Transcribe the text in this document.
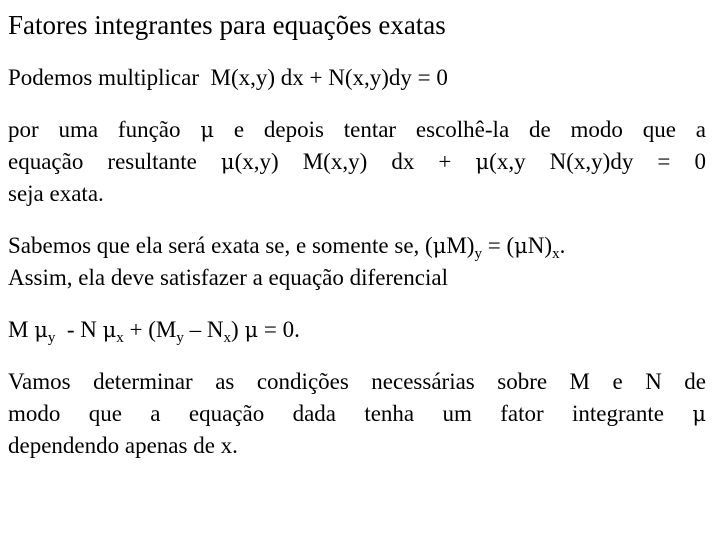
Fatores integrantes para equações exatas
Podemos multiplicar  M(x,y) dx + N(x,y)dy = 0
por uma função μ e depois tentar escolhê-la de modo que a
equação resultante μ(x,y) M(x,y) dx + μ(x,y N(x,y)dy = 0
seja exata.
Sabemos que ela será exata se, e somente se, $(\mu M)_y = (\mu N)_x$.
Assim, ela deve satisfazer a equação diferencial
M $\mu_y$  - N $\mu_x + (M_y - N_x) \mu = 0$.
Vamos determinar as condições necessárias sobre M e N de
modo que a equação dada tenha um fator integrante μ
dependendo apenas de x.
